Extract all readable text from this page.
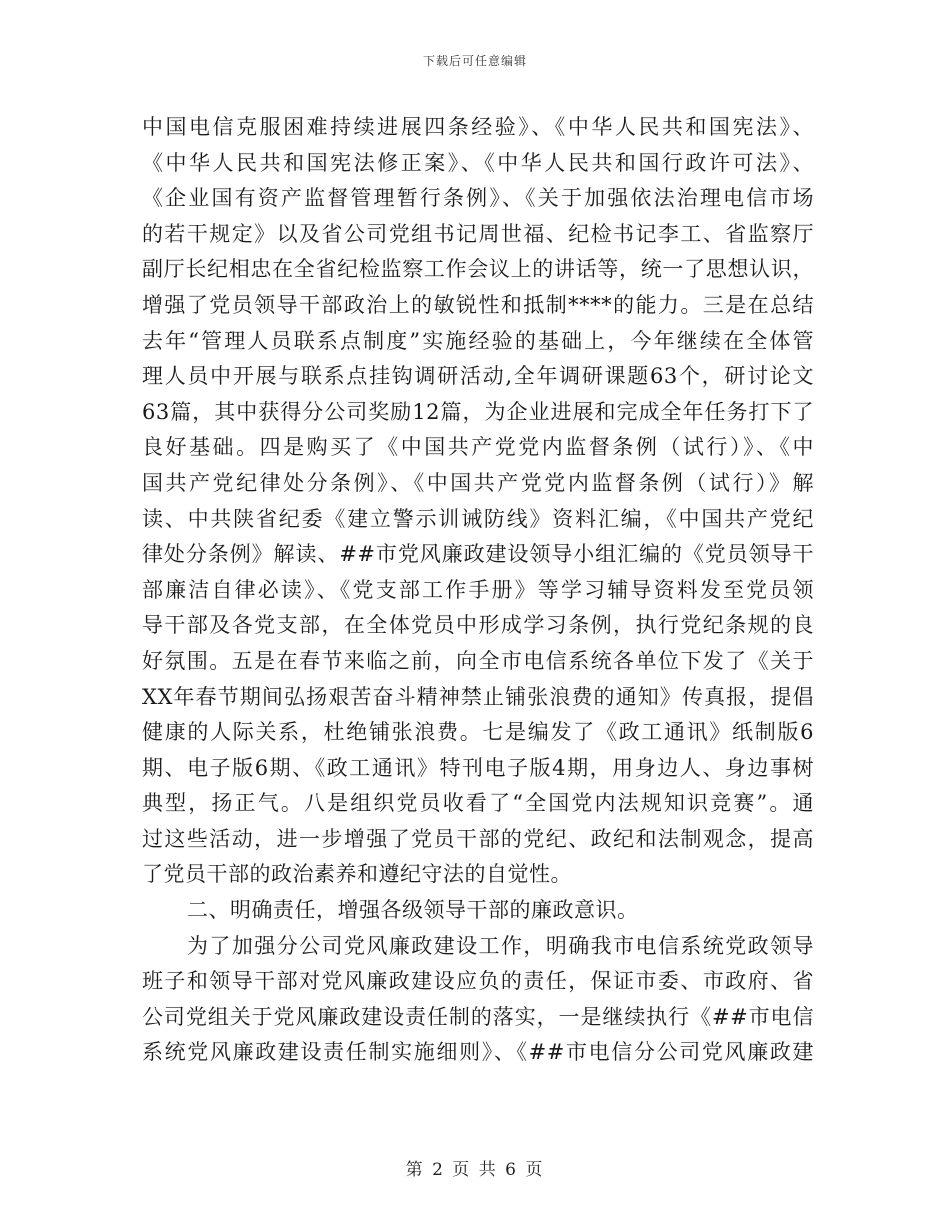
下载后可任意编辑
中国电信克服困难持续进展四条经验》、《中华人民共和国宪法》、
《中华人民共和国宪法修正案》、《中华人民共和国行政许可法》、
《企业国有资产监督管理暂行条例》、《关于加强依法治理电信市场
的若干规定》以及省公司党组书记周世福、纪检书记李工、省监察厅
副厅长纪相忠在全省纪检监察工作会议上的讲话等，统一了思想认识，
增强了党员领导干部政治上的敏锐性和抵制****的能力。三是在总结
去年“管理人员联系点制度”实施经验的基础上，今年继续在全体管
理人员中开展与联系点挂钩调研活动,全年调研课题63个，研讨论文
63篇，其中获得分公司奖励12篇，为企业进展和完成全年任务打下了
良好基础。四是购买了《中国共产党党内监督条例（试行）》、《中
国共产党纪律处分条例》、《中国共产党党内监督条例（试行）》解
读、中共陕省纪委《建立警示训诫防线》资料汇编，《中国共产党纪
律处分条例》解读、##市党风廉政建设领导小组汇编的《党员领导干
部廉洁自律必读》、《党支部工作手册》等学习辅导资料发至党员领
导干部及各党支部，在全体党员中形成学习条例，执行党纪条规的良
好氛围。五是在春节来临之前，向全市电信系统各单位下发了《关于
XX年春节期间弘扬艰苦奋斗精神禁止铺张浪费的通知》传真报，提倡
健康的人际关系，杜绝铺张浪费。七是编发了《政工通讯》纸制版6
期、电子版6期、《政工通讯》特刊电子版4期，用身边人、身边事树
典型，扬正气。八是组织党员收看了“全国党内法规知识竞赛”。通
过这些活动，进一步增强了党员干部的党纪、政纪和法制观念，提高
了党员干部的政治素养和遵纪守法的自觉性。
二、明确责任，增强各级领导干部的廉政意识。
为了加强分公司党风廉政建设工作，明确我市电信系统党政领导
班子和领导干部对党风廉政建设应负的责任，保证市委、市政府、省
公司党组关于党风廉政建设责任制的落实，一是继续执行《##市电信
系统党风廉政建设责任制实施细则》、《##市电信分公司党风廉政建
第 2 页 共 6 页
